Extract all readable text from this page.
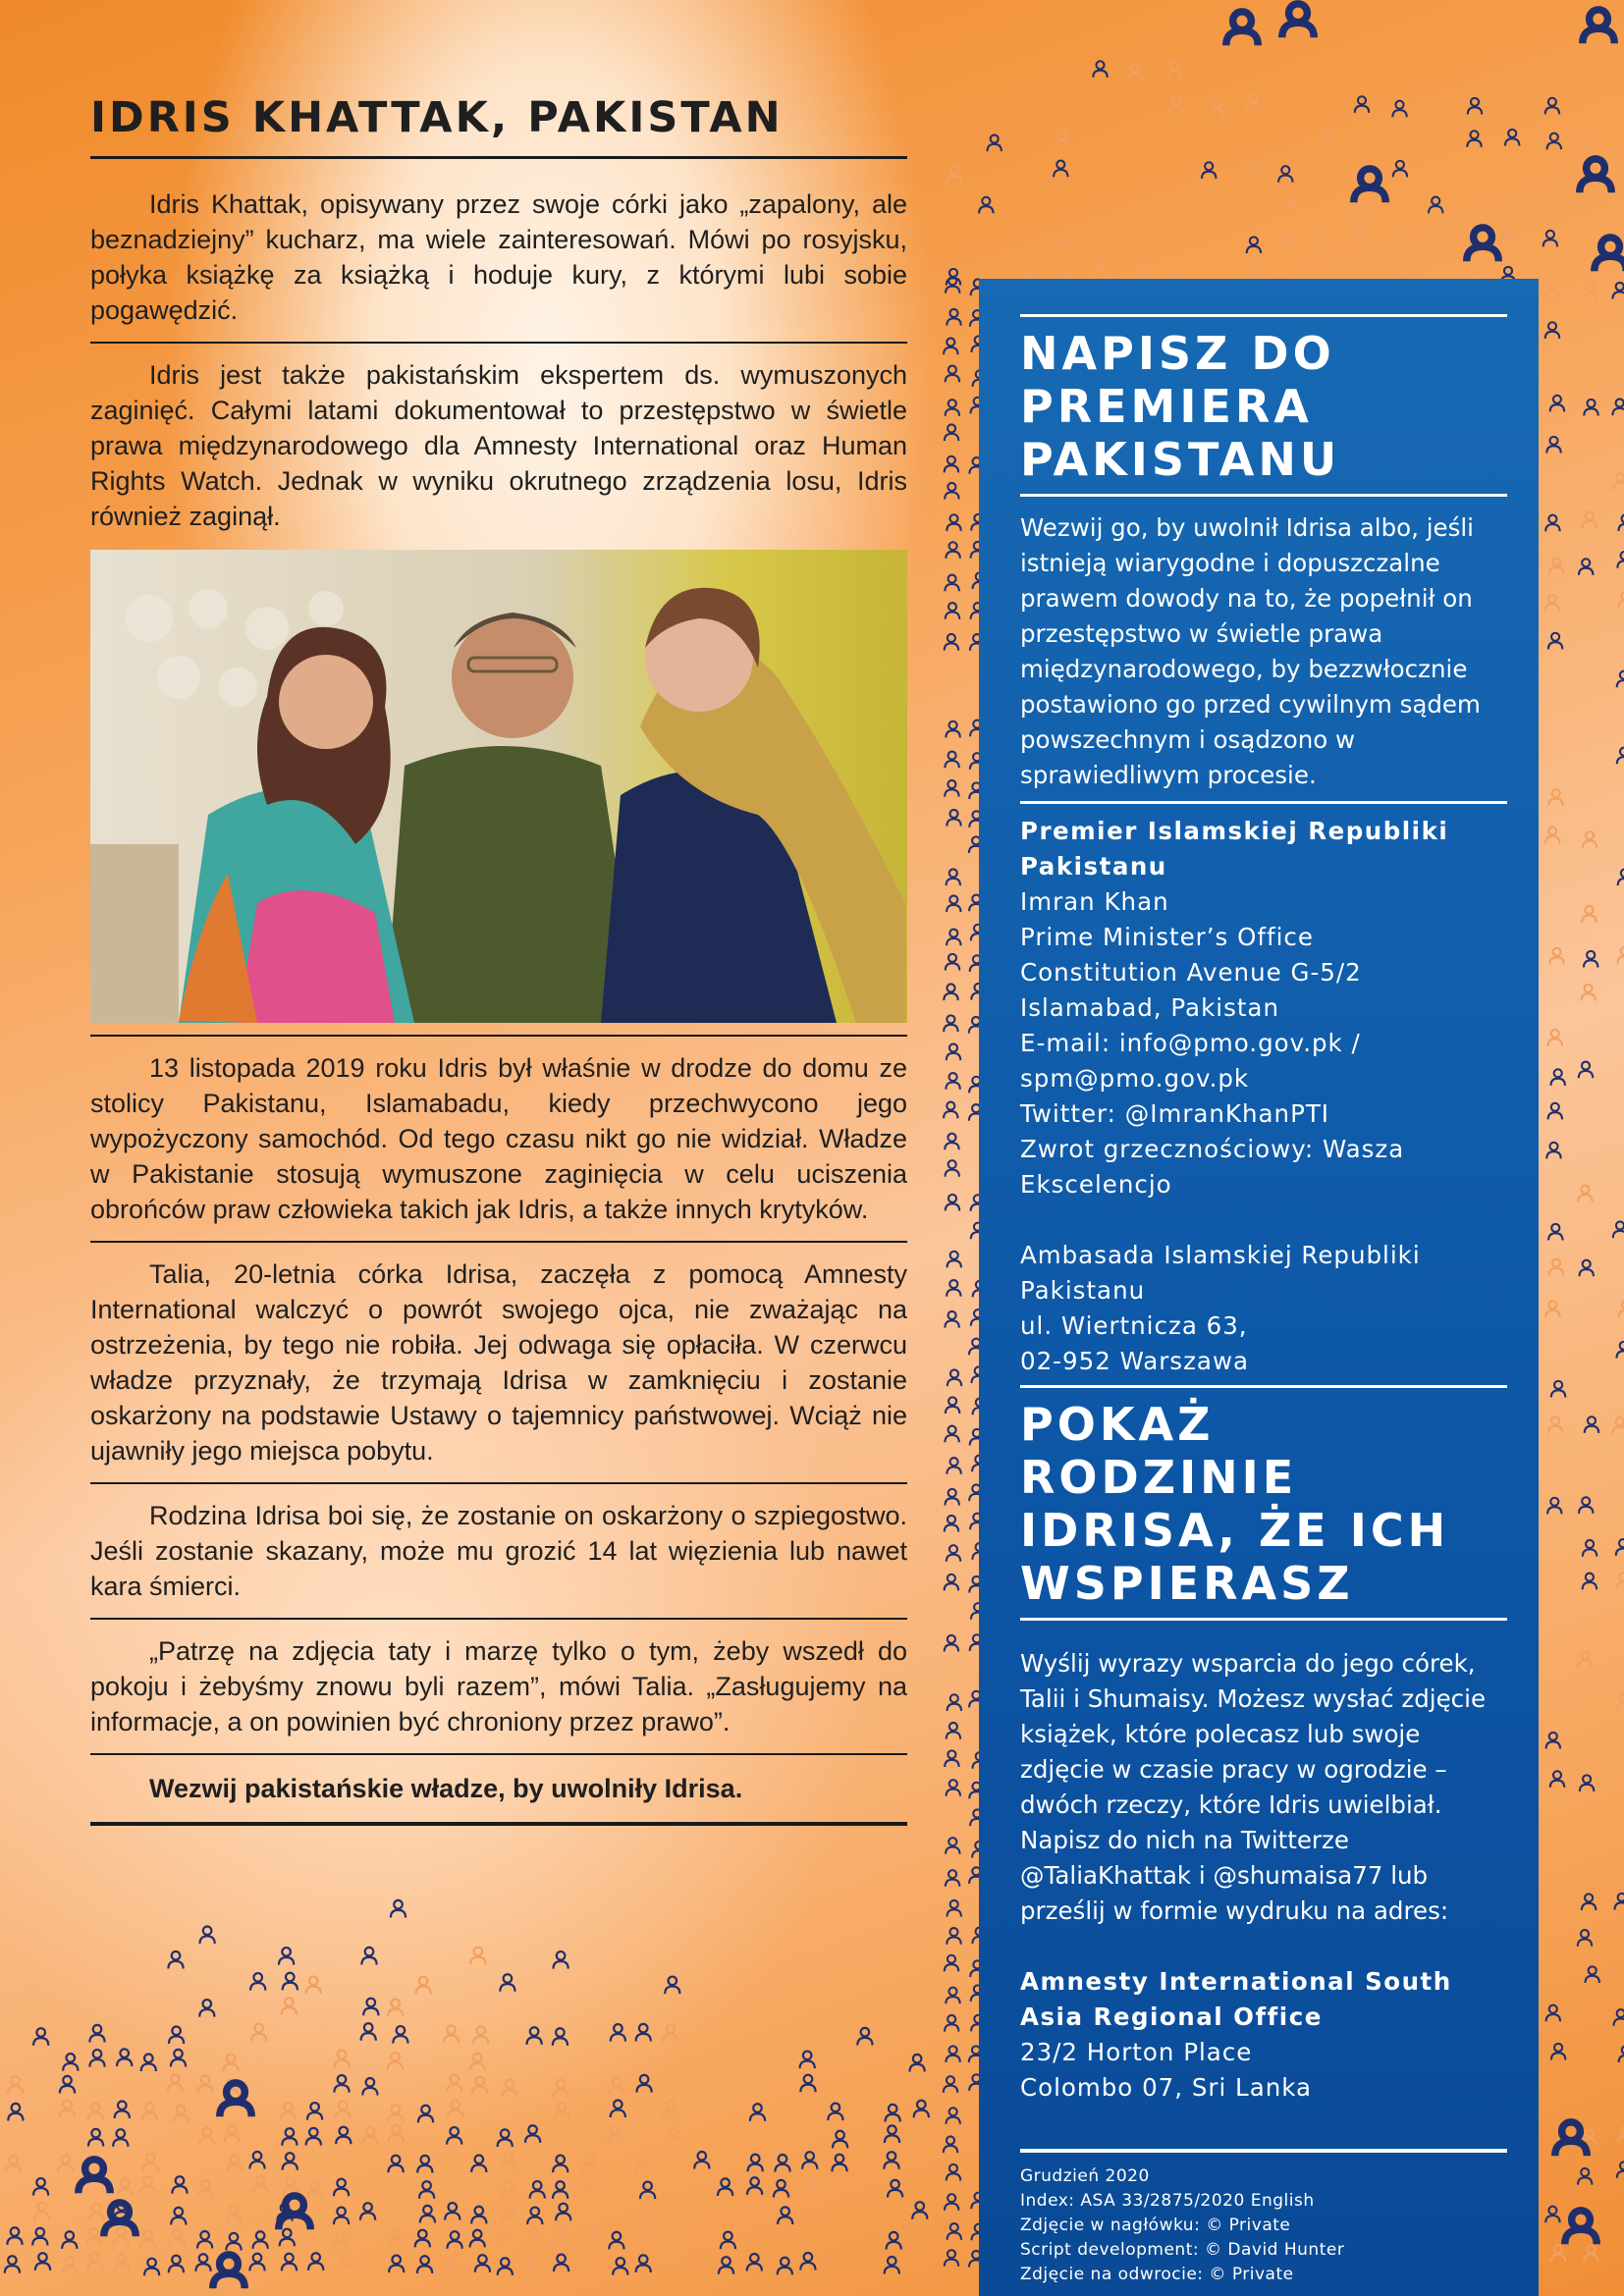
IDRIS KHATTAK, PAKISTAN

Idris Khattak, opisywany przez swoje córki jako „zapalony, ale beznadziejny” kucharz, ma wiele zainteresowań. Mówi po rosyjsku, połyka książkę za książką i hoduje kury, z którymi lubi sobie pogawędzić.

Idris jest także pakistańskim ekspertem ds. wymuszonych zaginięć. Całymi latami dokumentował to przestępstwo w świetle prawa międzynarodowego dla Amnesty International oraz Human Rights Watch. Jednak w wyniku okrutnego zrządzenia losu, Idris również zaginął.

13 listopada 2019 roku Idris był właśnie w drodze do domu ze stolicy Pakistanu, Islamabadu, kiedy przechwycono jego wypożyczony samochód. Od tego czasu nikt go nie widział. Władze w Pakistanie stosują wymuszone zaginięcia w celu uciszenia obrońców praw człowieka takich jak Idris, a także innych krytyków.

Talia, 20-letnia córka Idrisa, zaczęła z pomocą Amnesty International walczyć o powrót swojego ojca, nie zważając na ostrzeżenia, by tego nie robiła. Jej odwaga się opłaciła. W czerwcu władze przyznały, że trzymają Idrisa w zamknięciu i zostanie oskarżony na podstawie Ustawy o tajemnicy państwowej. Wciąż nie ujawniły jego miejsca pobytu.

Rodzina Idrisa boi się, że zostanie on oskarżony o szpiegostwo. Jeśli zostanie skazany, może mu grozić 14 lat więzienia lub nawet kara śmierci.

„Patrzę na zdjęcia taty i marzę tylko o tym, żeby wszedł do pokoju i żebyśmy znowu byli razem”, mówi Talia. „Zasługujemy na informacje, a on powinien być chroniony przez prawo”.

Wezwij pakistańskie władze, by uwolniły Idrisa.

NAPISZ DO PREMIERA PAKISTANU

Wezwij go, by uwolnił Idrisa albo, jeśli istnieją wiarygodne i dopuszczalne prawem dowody na to, że popełnił on przestępstwo w świetle prawa międzynarodowego, by bezzwłocznie postawiono go przed cywilnym sądem powszechnym i osądzono w sprawiedliwym procesie.

Premier Islamskiej Republiki Pakistanu

Imran Khan

Prime Minister’s Office

Constitution Avenue G-5/2

Islamabad, Pakistan

E-mail: info@pmo.gov.pk / spm@pmo.gov.pk

Twitter: @ImranKhanPTI

Zwrot grzecznościowy: Wasza Ekscelencjo

Ambasada Islamskiej Republiki Pakistanu

ul. Wiertnicza 63,

02-952 Warszawa

POKAŻ RODZINIE IDRISA, ŻE ICH WSPIERASZ

Wyślij wyrazy wsparcia do jego córek, Talii i Shumaisy. Możesz wysłać zdjęcie książek, które polecasz lub swoje zdjęcie w czasie pracy w ogrodzie – dwóch rzeczy, które Idris uwielbiał. Napisz do nich na Twitterze @TaliaKhattak i @shumaisa77 lub prześlij w formie wydruku na adres:

Amnesty International South Asia Regional Office

23/2 Horton Place

Colombo 07, Sri Lanka

Grudzień 2020

Index: ASA 33/2875/2020 English

Zdjęcie w nagłówku: © Private

Script development: © David Hunter

Zdjęcie na odwrocie: © Private
